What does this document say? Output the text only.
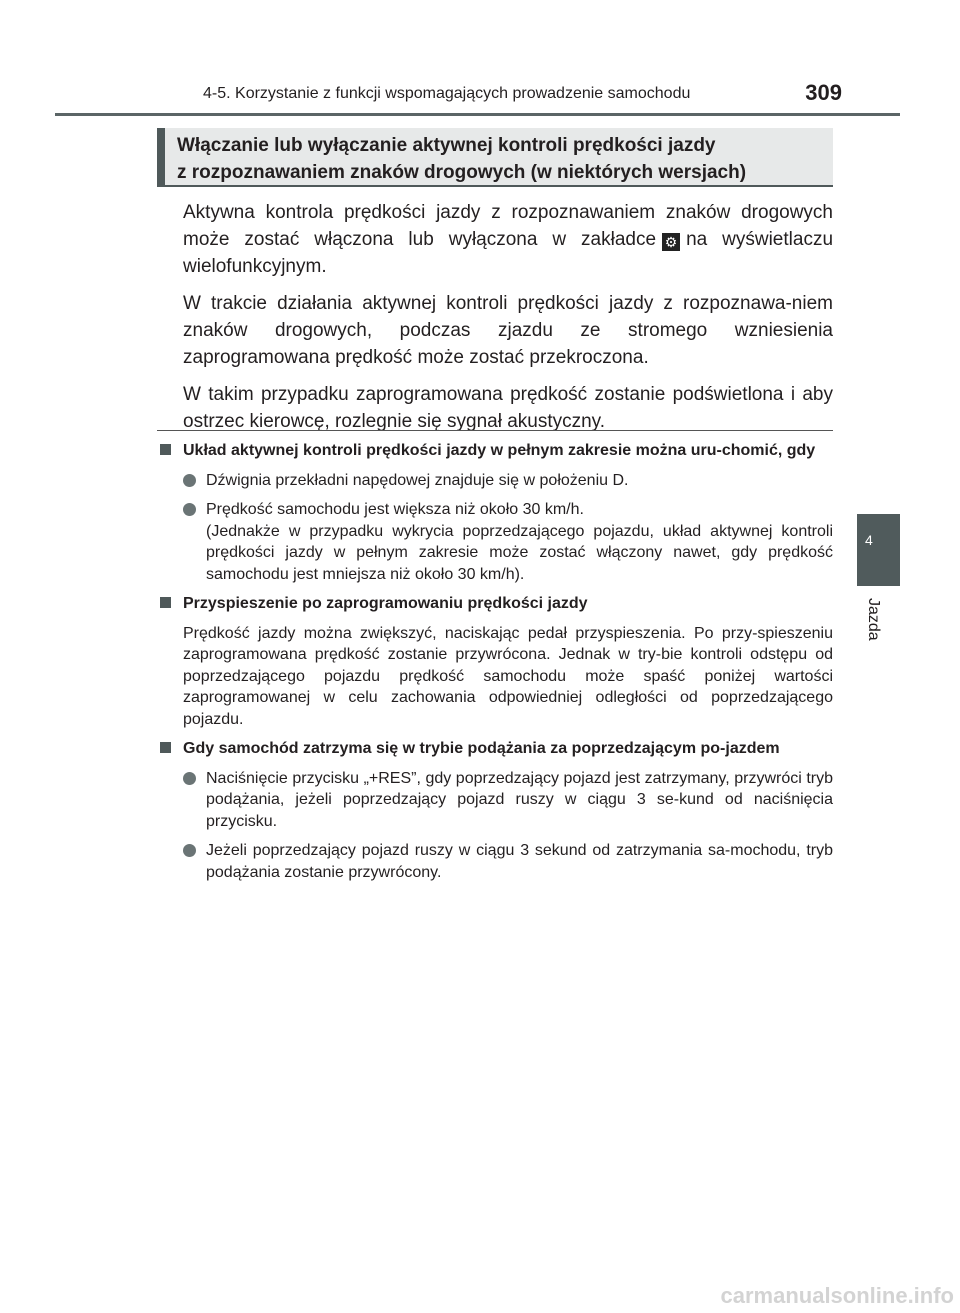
4-5. Korzystanie z funkcji wspomagających prowadzenie samochodu	309
Włączanie lub wyłączanie aktywnej kontroli prędkości jazdy
z rozpoznawaniem znaków drogowych (w niektórych wersjach)

Aktywna kontrola prędkości jazdy z rozpoznawaniem znaków drogowych może zostać włączona lub wyłączona w zakładce ⚙ na wyświetlaczu wielofunkcyjnym.

W trakcie działania aktywnej kontroli prędkości jazdy z rozpoznawa-niem znaków drogowych, podczas zjazdu ze stromego wzniesienia zaprogramowana prędkość może zostać przekroczona.

W takim przypadku zaprogramowana prędkość zostanie podświetlona i aby ostrzec kierowcę, rozlegnie się sygnał akustyczny.

Układ aktywnej kontroli prędkości jazdy w pełnym zakresie można uru-chomić, gdy
Dźwignia przekładni napędowej znajduje się w położeniu D.
Prędkość samochodu jest większa niż około 30 km/h.
(Jednakże w przypadku wykrycia poprzedzającego pojazdu, układ aktywnej kontroli prędkości jazdy w pełnym zakresie może zostać włączony nawet, gdy prędkość samochodu jest mniejsza niż około 30 km/h).
Przyspieszenie po zaprogramowaniu prędkości jazdy
Prędkość jazdy można zwiększyć, naciskając pedał przyspieszenia. Po przy-spieszeniu zaprogramowana prędkość zostanie przywrócona. Jednak w try-bie kontroli odstępu od poprzedzającego pojazdu prędkość samochodu może spaść poniżej wartości zaprogramowanej w celu zachowania odpowiedniej odległości od poprzedzającego pojazdu.
Gdy samochód zatrzyma się w trybie podążania za poprzedzającym po-jazdem
Naciśnięcie przycisku „+RES”, gdy poprzedzający pojazd jest zatrzymany, przywróci tryb podążania, jeżeli poprzedzający pojazd ruszy w ciągu 3 se-kund od naciśnięcia przycisku.
Jeżeli poprzedzający pojazd ruszy w ciągu 3 sekund od zatrzymania sa-mochodu, tryb podążania zostanie przywrócony.
4
Jazda
carmanualsonline.info
